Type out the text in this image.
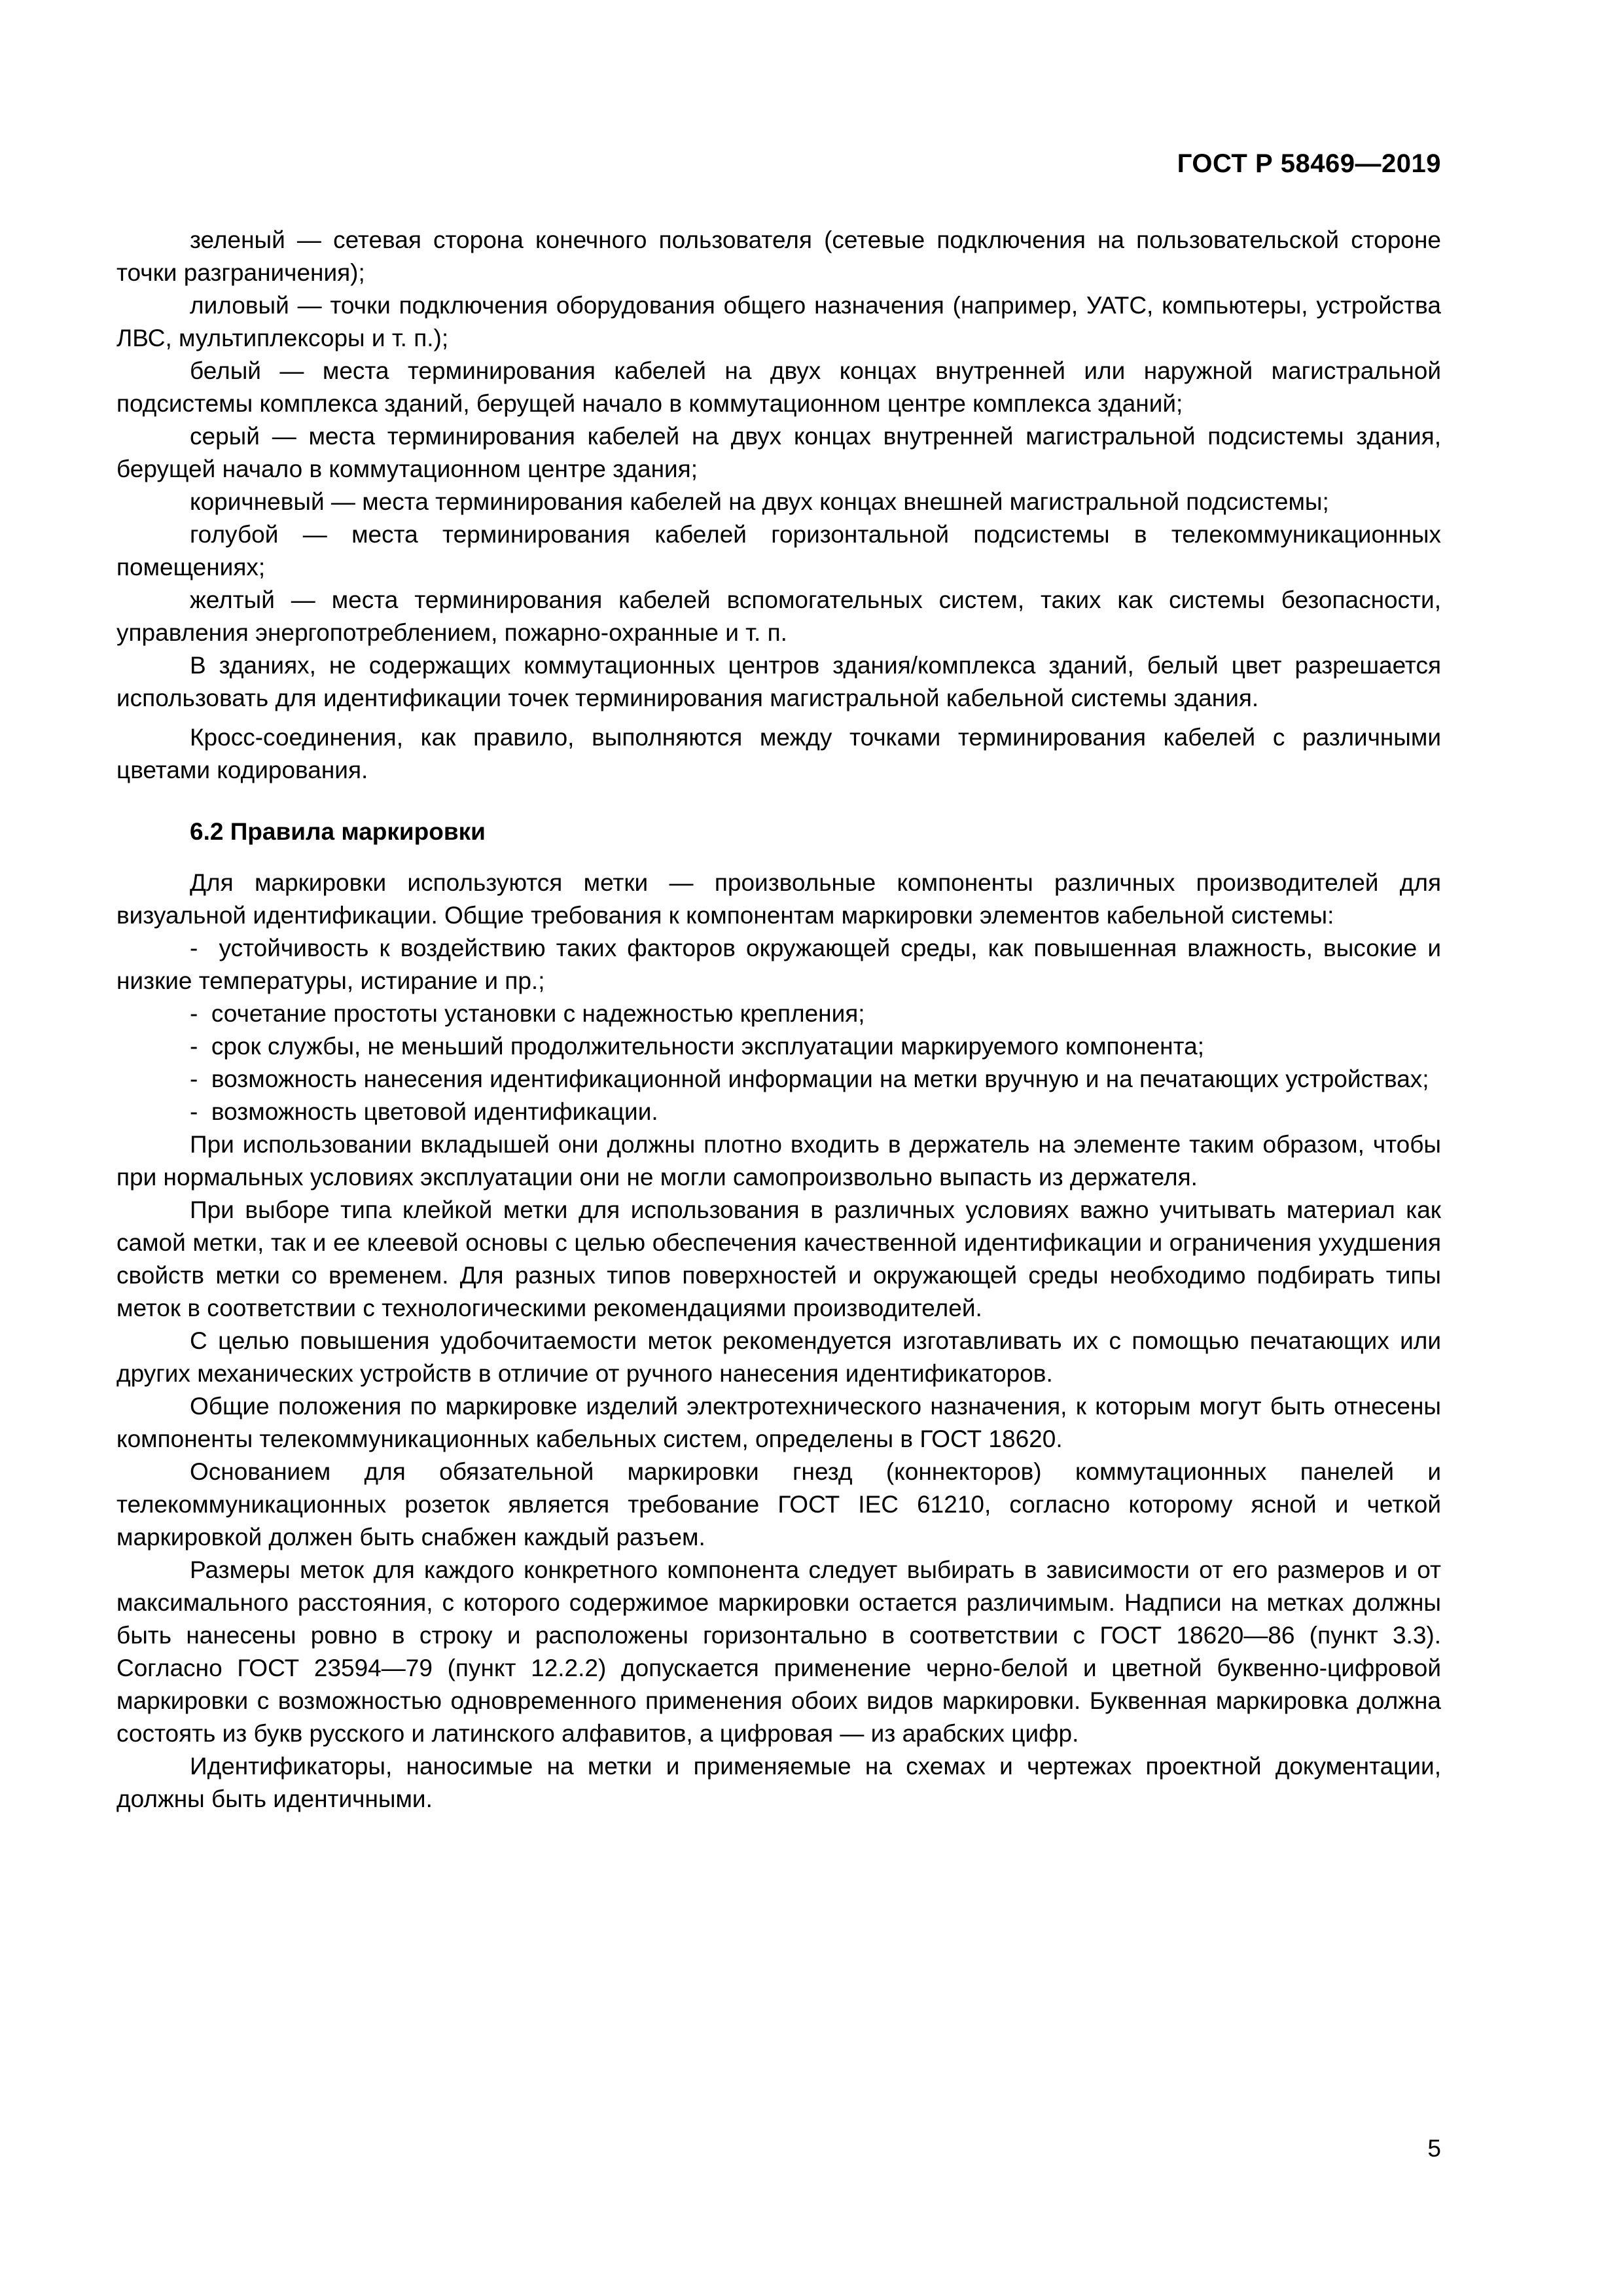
ГОСТ Р 58469—2019

зеленый — сетевая сторона конечного пользователя (сетевые подключения на пользовательской стороне точки разграничения);

лиловый — точки подключения оборудования общего назначения (например, УАТС, компьютеры, устройства ЛВС, мультиплексоры и т. п.);

белый — места терминирования кабелей на двух концах внутренней или наружной магистральной подсистемы комплекса зданий, берущей начало в коммутационном центре комплекса зданий;

серый — места терминирования кабелей на двух концах внутренней магистральной подсистемы здания, берущей начало в коммутационном центре здания;

коричневый — места терминирования кабелей на двух концах внешней магистральной подсистемы;

голубой — места терминирования кабелей горизонтальной подсистемы в телекоммуникационных помещениях;

желтый — места терминирования кабелей вспомогательных систем, таких как системы безопасности, управления энергопотреблением, пожарно-охранные и т. п.

В зданиях, не содержащих коммутационных центров здания/комплекса зданий, белый цвет разрешается использовать для идентификации точек терминирования магистральной кабельной системы здания.

Кросс-соединения, как правило, выполняются между точками терминирования кабелей с различными цветами кодирования.

6.2 Правила маркировки

Для маркировки используются метки — произвольные компоненты различных производителей для визуальной идентификации. Общие требования к компонентам маркировки элементов кабельной системы:

-  устойчивость к воздействию таких факторов окружающей среды, как повышенная влажность, высокие и низкие температуры, истирание и пр.;
-  сочетание простоты установки с надежностью крепления;
-  срок службы, не меньший продолжительности эксплуатации маркируемого компонента;
-  возможность нанесения идентификационной информации на метки вручную и на печатающих устройствах;
-  возможность цветовой идентификации.

При использовании вкладышей они должны плотно входить в держатель на элементе таким образом, чтобы при нормальных условиях эксплуатации они не могли самопроизвольно выпасть из держателя.

При выборе типа клейкой метки для использования в различных условиях важно учитывать материал как самой метки, так и ее клеевой основы с целью обеспечения качественной идентификации и ограничения ухудшения свойств метки со временем. Для разных типов поверхностей и окружающей среды необходимо подбирать типы меток в соответствии с технологическими рекомендациями производителей.

С целью повышения удобочитаемости меток рекомендуется изготавливать их с помощью печатающих или других механических устройств в отличие от ручного нанесения идентификаторов.

Общие положения по маркировке изделий электротехнического назначения, к которым могут быть отнесены компоненты телекоммуникационных кабельных систем, определены в ГОСТ 18620.

Основанием для обязательной маркировки гнезд (коннекторов) коммутационных панелей и телекоммуникационных розеток является требование ГОСТ IEC 61210, согласно которому ясной и четкой маркировкой должен быть снабжен каждый разъем.

Размеры меток для каждого конкретного компонента следует выбирать в зависимости от его размеров и от максимального расстояния, с которого содержимое маркировки остается различимым. Надписи на метках должны быть нанесены ровно в строку и расположены горизонтально в соответствии с ГОСТ 18620—86 (пункт 3.3). Согласно ГОСТ 23594—79 (пункт 12.2.2) допускается применение черно-белой и цветной буквенно-цифровой маркировки с возможностью одновременного применения обоих видов маркировки. Буквенная маркировка должна состоять из букв русского и латинского алфавитов, а цифровая — из арабских цифр.

Идентификаторы, наносимые на метки и применяемые на схемах и чертежах проектной документации, должны быть идентичными.

5
